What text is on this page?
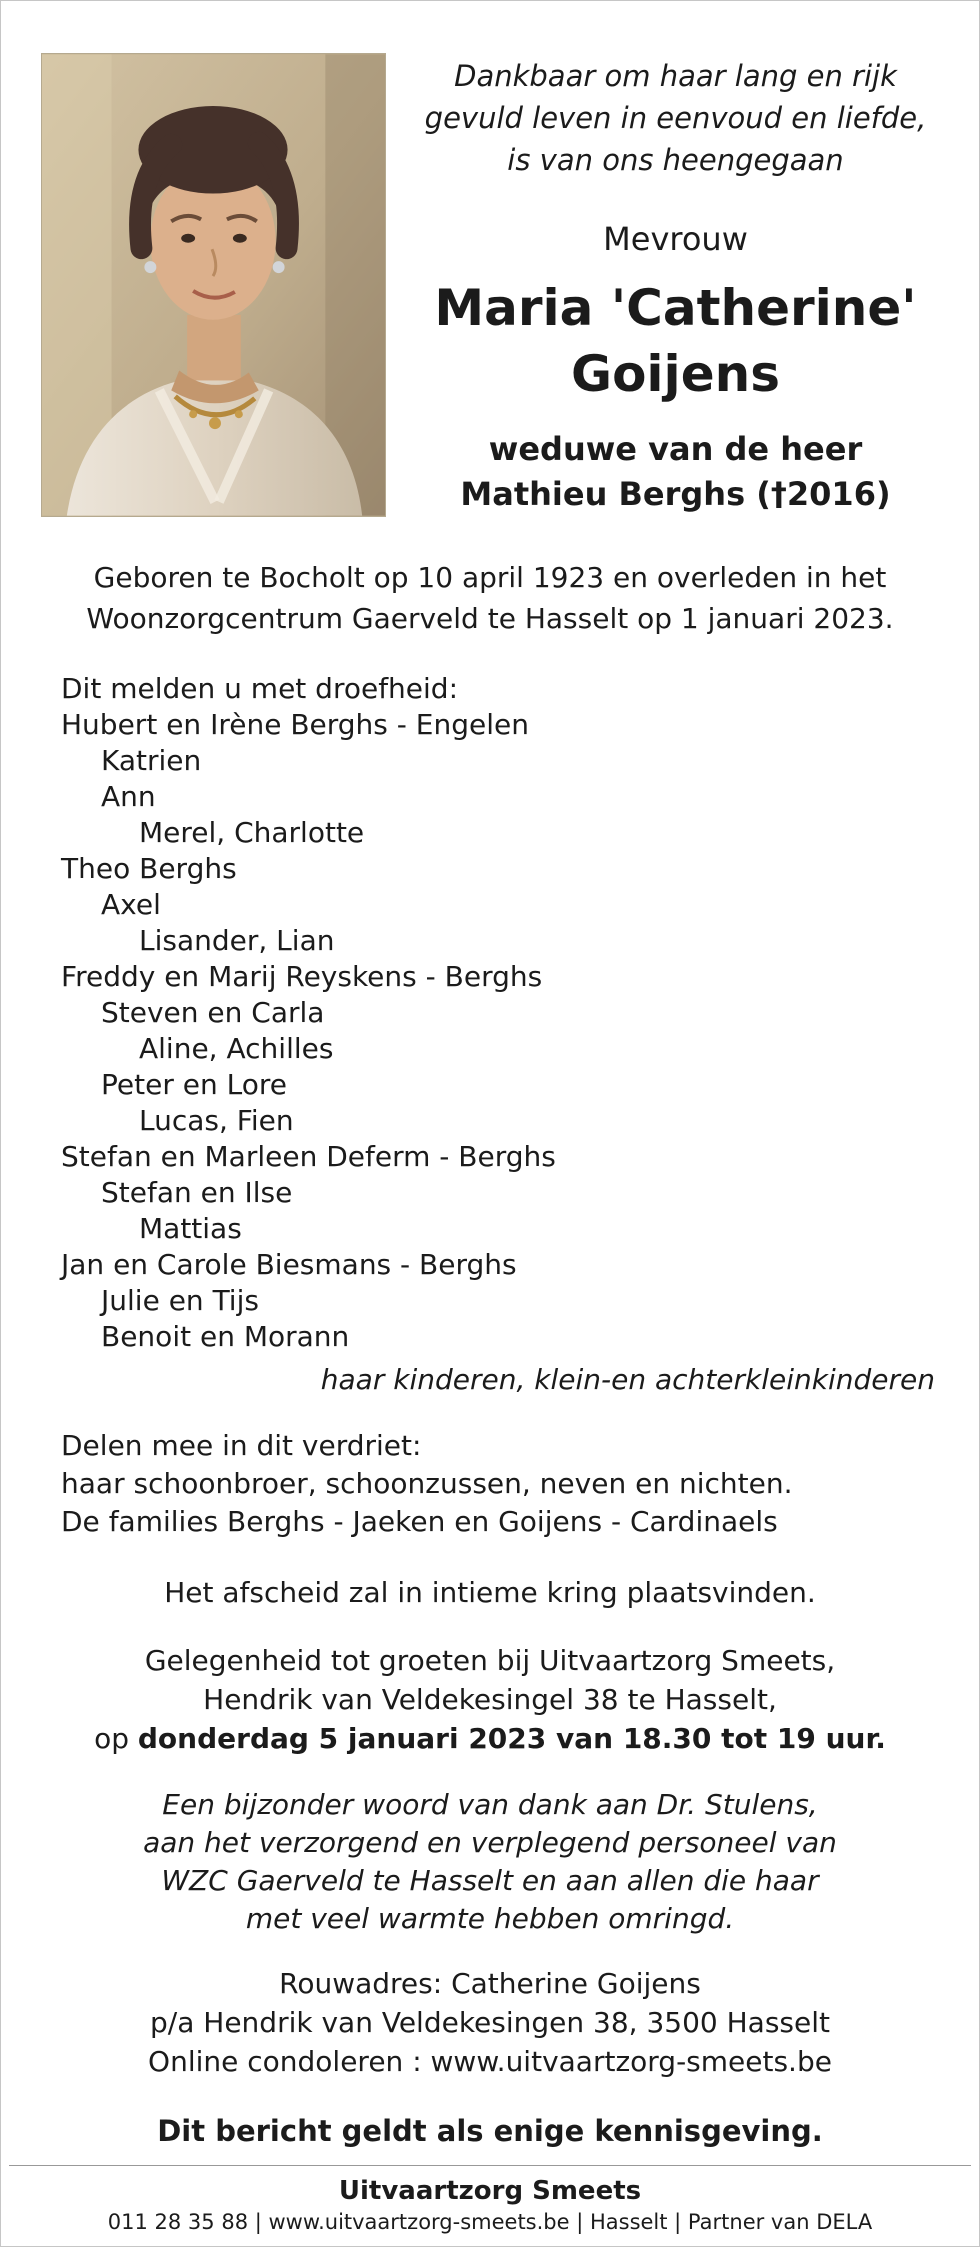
Dankbaar om haar lang en rijk
gevuld leven in eenvoud en liefde,
is van ons heengegaan
Mevrouw
Maria 'Catherine'
Goijens
weduwe van de heer
Mathieu Berghs (†2016)
Geboren te Bocholt op 10 april 1923 en overleden in het
Woonzorgcentrum Gaerveld te Hasselt op 1 januari 2023.
Dit melden u met droefheid:
Hubert en Irène Berghs - Engelen
Katrien
Ann
Merel, Charlotte
Theo Berghs
Axel
Lisander, Lian
Freddy en Marij Reyskens - Berghs
Steven en Carla
Aline, Achilles
Peter en Lore
Lucas, Fien
Stefan en Marleen Deferm - Berghs
Stefan en Ilse
Mattias
Jan en Carole Biesmans - Berghs
Julie en Tijs
Benoit en Morann
haar kinderen, klein-en achterkleinkinderen
Delen mee in dit verdriet:
haar schoonbroer, schoonzussen, neven en nichten.
De families Berghs - Jaeken en Goijens - Cardinaels
Het afscheid zal in intieme kring plaatsvinden.
Gelegenheid tot groeten bij Uitvaartzorg Smeets,
Hendrik van Veldekesingel 38 te Hasselt,
op donderdag 5 januari 2023 van 18.30 tot 19 uur.
Een bijzonder woord van dank aan Dr. Stulens,
aan het verzorgend en verplegend personeel van
WZC Gaerveld te Hasselt en aan allen die haar
met veel warmte hebben omringd.
Rouwadres: Catherine Goijens
p/a Hendrik van Veldekesingen 38, 3500 Hasselt
Online condoleren : www.uitvaartzorg-smeets.be
Dit bericht geldt als enige kennisgeving.
Uitvaartzorg Smeets
011 28 35 88 | www.uitvaartzorg-smeets.be | Hasselt | Partner van DELA
